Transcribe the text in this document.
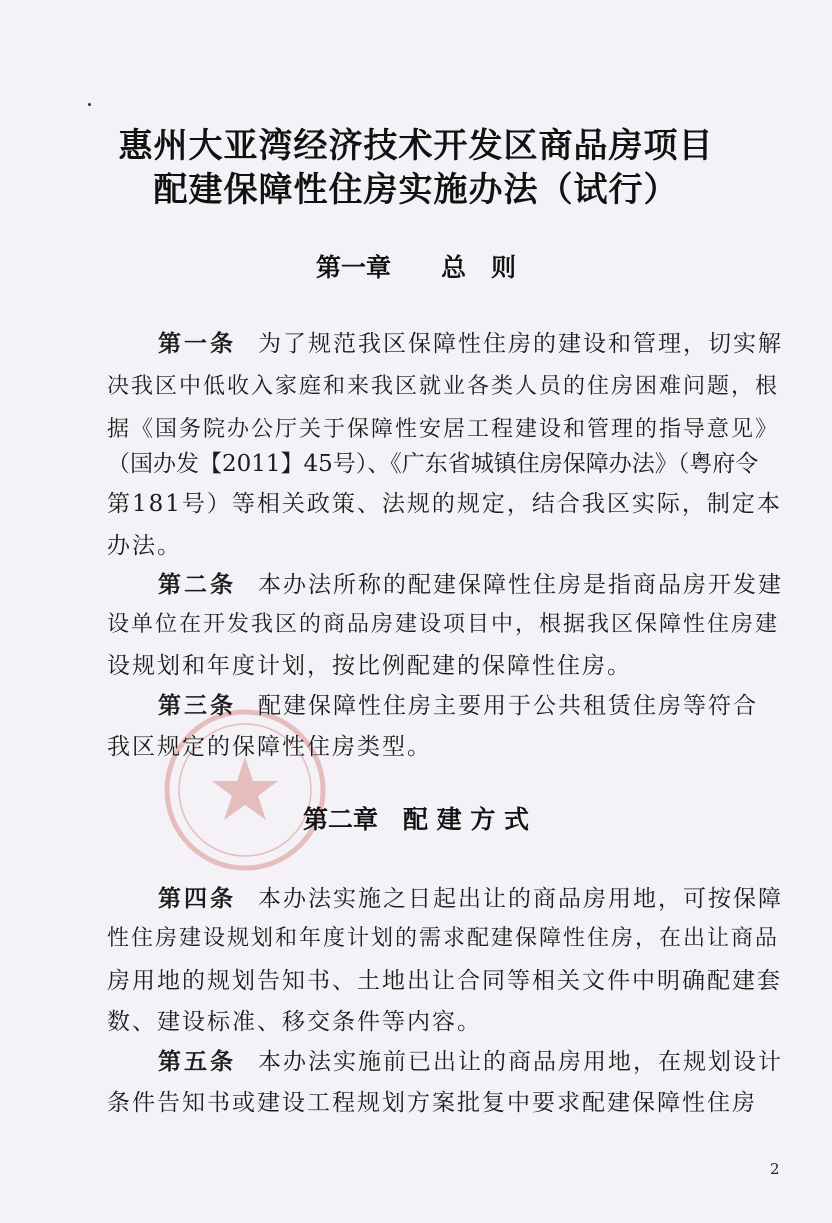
惠州大亚湾经济技术开发区商品房项目
配建保障性住房实施办法（试行）
第一章　　总　则
第一条 为了规范我区保障性住房的建设和管理，切实解
决我区中低收入家庭和来我区就业各类人员的住房困难问题，根
据《国务院办公厅关于保障性安居工程建设和管理的指导意见》
（国办发【2011】45号）、《广东省城镇住房保障办法》（粤府令
第181号）等相关政策、法规的规定，结合我区实际，制定本
办法。
第二条 本办法所称的配建保障性住房是指商品房开发建
设单位在开发我区的商品房建设项目中，根据我区保障性住房建
设规划和年度计划，按比例配建的保障性住房。
第三条 配建保障性住房主要用于公共租赁住房等符合
我区规定的保障性住房类型。
第二章　配 建 方 式
第四条 本办法实施之日起出让的商品房用地，可按保障
性住房建设规划和年度计划的需求配建保障性住房，在出让商品
房用地的规划告知书、土地出让合同等相关文件中明确配建套
数、建设标准、移交条件等内容。
第五条 本办法实施前已出让的商品房用地，在规划设计
条件告知书或建设工程规划方案批复中要求配建保障性住房
2
